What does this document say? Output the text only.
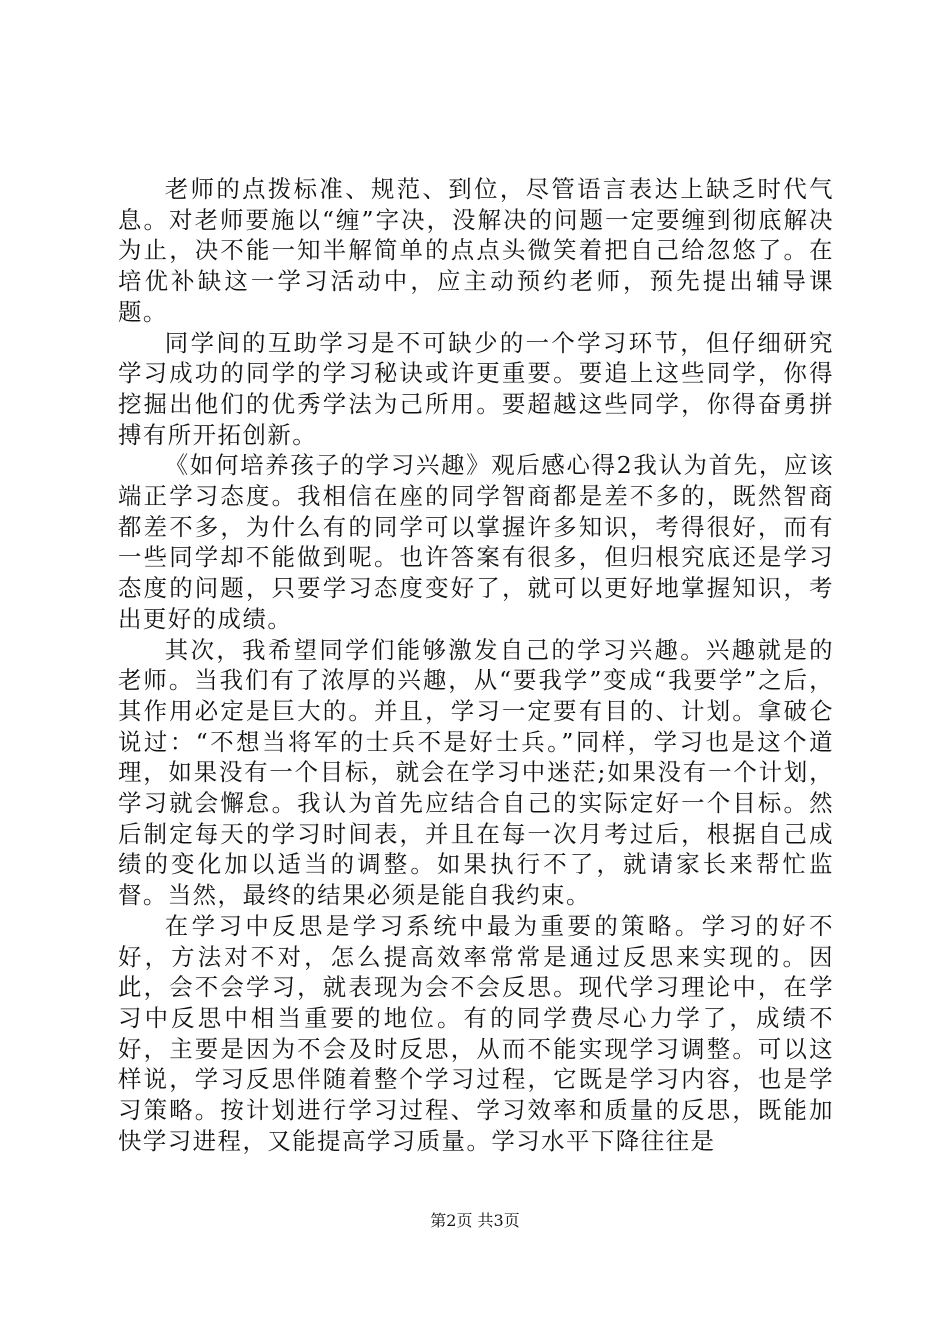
老师的点拨标准、规范、到位，尽管语言表达上缺乏时代气息。对老师要施以“缠”字决，没解决的问题一定要缠到彻底解决为止，决不能一知半解简单的点点头微笑着把自己给忽悠了。在培优补缺这一学习活动中，应主动预约老师，预先提出辅导课题。

同学间的互助学习是不可缺少的一个学习环节，但仔细研究学习成功的同学的学习秘诀或许更重要。要追上这些同学，你得挖掘出他们的优秀学法为己所用。要超越这些同学，你得奋勇拼搏有所开拓创新。

《如何培养孩子的学习兴趣》观后感心得2我认为首先，应该端正学习态度。我相信在座的同学智商都是差不多的，既然智商都差不多，为什么有的同学可以掌握许多知识，考得很好，而有一些同学却不能做到呢。也许答案有很多，但归根究底还是学习态度的问题，只要学习态度变好了，就可以更好地掌握知识，考出更好的成绩。

其次，我希望同学们能够激发自己的学习兴趣。兴趣就是的老师。当我们有了浓厚的兴趣，从“要我学”变成“我要学”之后，其作用必定是巨大的。并且，学习一定要有目的、计划。拿破仑说过：“不想当将军的士兵不是好士兵。”同样，学习也是这个道理，如果没有一个目标，就会在学习中迷茫;如果没有一个计划，学习就会懈怠。我认为首先应结合自己的实际定好一个目标。然后制定每天的学习时间表，并且在每一次月考过后，根据自己成绩的变化加以适当的调整。如果执行不了，就请家长来帮忙监督。当然，最终的结果必须是能自我约束。

在学习中反思是学习系统中最为重要的策略。学习的好不好，方法对不对，怎么提高效率常常是通过反思来实现的。因此，会不会学习，就表现为会不会反思。现代学习理论中，在学习中反思中相当重要的地位。有的同学费尽心力学了，成绩不好，主要是因为不会及时反思，从而不能实现学习调整。可以这样说，学习反思伴随着整个学习过程，它既是学习内容，也是学习策略。按计划进行学习过程、学习效率和质量的反思，既能加快学习进程，又能提高学习质量。学习水平下降往往是

第2页 共3页
